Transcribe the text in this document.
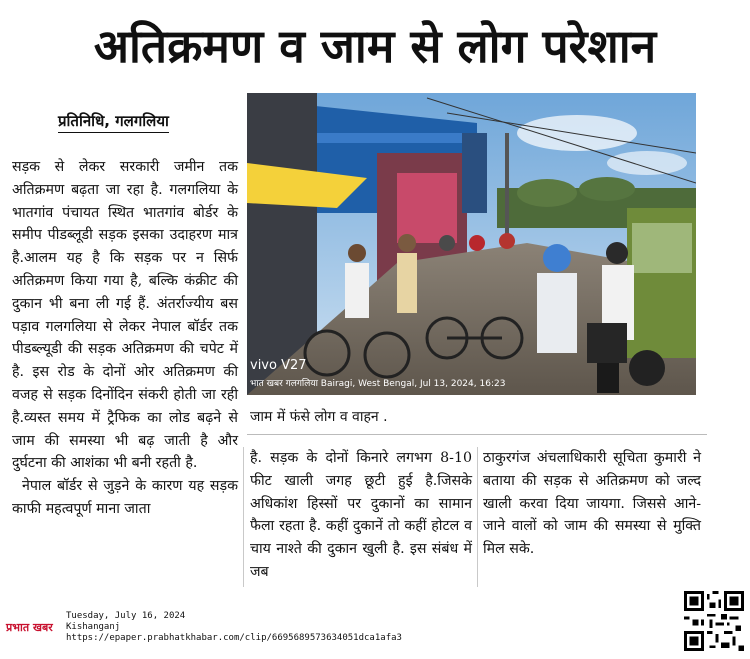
अतिक्रमण व जाम से लोग परेशान
प्रतिनिधि, गलगलिया

सड़क से लेकर सरकारी जमीन तक अतिक्रमण बढ़ता जा रहा है. गलगलिया के भातगांव पंचायत स्थित भातगांव बोर्डर के समीप पीडब्लूडी सड़क इसका उदाहरण मात्र है.आलम यह है कि सड़क पर न सिर्फ अतिक्रमण किया गया है, बल्कि कंक्रीट की दुकान भी बना ली गई हैं. अंतर्राज्यीय बस पड़ाव गलगलिया से लेकर नेपाल बॉर्डर तक पीडब्ल्यूडी की सड़क अतिक्रमण की चपेट में है. इस रोड के दोनों ओर अतिक्रमण की वजह से सड़क दिनोंदिन संकरी होती जा रही है.व्यस्त समय में ट्रैफिक का लोड बढ़ने से जाम की समस्या भी बढ़ जाती है और दुर्घटना की आशंका भी बनी रहती है.

नेपाल बॉर्डर से जुड़ने के कारण यह सड़क काफी महत्वपूर्ण माना जाता

vivo V27
भात खबर गलगलिया Bairagi, West Bengal, Jul 13, 2024, 16:23
जाम में फंसे लोग व वाहन .

है. सड़क के दोनों किनारे लगभग 8-10 फीट खाली जगह छूटी हुई है.जिसके अधिकांश हिस्सों पर दुकानों का सामान फैला रहता है. कहीं दुकानें तो कहीं होटल व चाय नाश्ते की दुकान खुली है. इस संबंध में जब

ठाकुरगंज अंचलाधिकारी सूचिता कुमारी ने बताया की सड़क से अतिक्रमण को जल्द खाली करवा दिया जायगा. जिससे आने-जाने वालों को जाम की समस्या से मुक्ति मिल सके.

प्रभात खबर
Tuesday, July 16, 2024
Kishanganj
https://epaper.prabhatkhabar.com/clip/66956895736340​51dca1afa3
